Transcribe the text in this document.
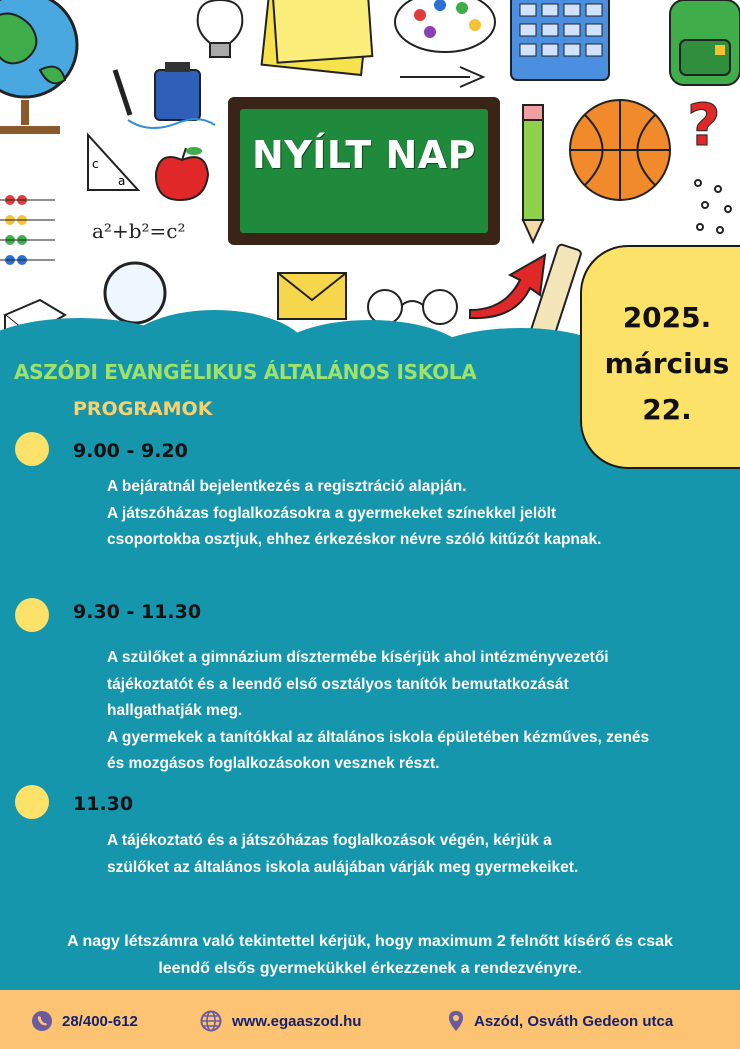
c
a
a²+b²=c²
?
NYÍLT NAP
2025.
március
22.
ASZÓDI EVANGÉLIKUS ÁLTALÁNOS ISKOLA
PROGRAMOK
9.00 - 9.20
A bejáratnál bejelentkezés a regisztráció alapján.
A játszóházas foglalkozásokra a gyermekeket színekkel jelölt
csoportokba osztjuk, ehhez érkezéskor névre szóló kitűzőt kapnak.
9.30 - 11.30
A szülőket a gimnázium dísztermébe kísérjük ahol intézményvezetői
tájékoztatót és a leendő első osztályos tanítók bemutatkozását
hallgathatják meg.
A gyermekek a tanítókkal az általános iskola épületében kézműves, zenés
és mozgásos foglalkozásokon vesznek részt.
11.30
A tájékoztató és a játszóházas foglalkozások végén, kérjük a
szülőket az általános iskola aulájában várják meg gyermekeiket.
A nagy létszámra való tekintettel kérjük, hogy maximum 2 felnőtt kísérő és csak
leendő elsős gyermekükkel érkezzenek a rendezvényre.
28/400-612	www.egaaszod.hu	Aszód, Osváth Gedeon utca
